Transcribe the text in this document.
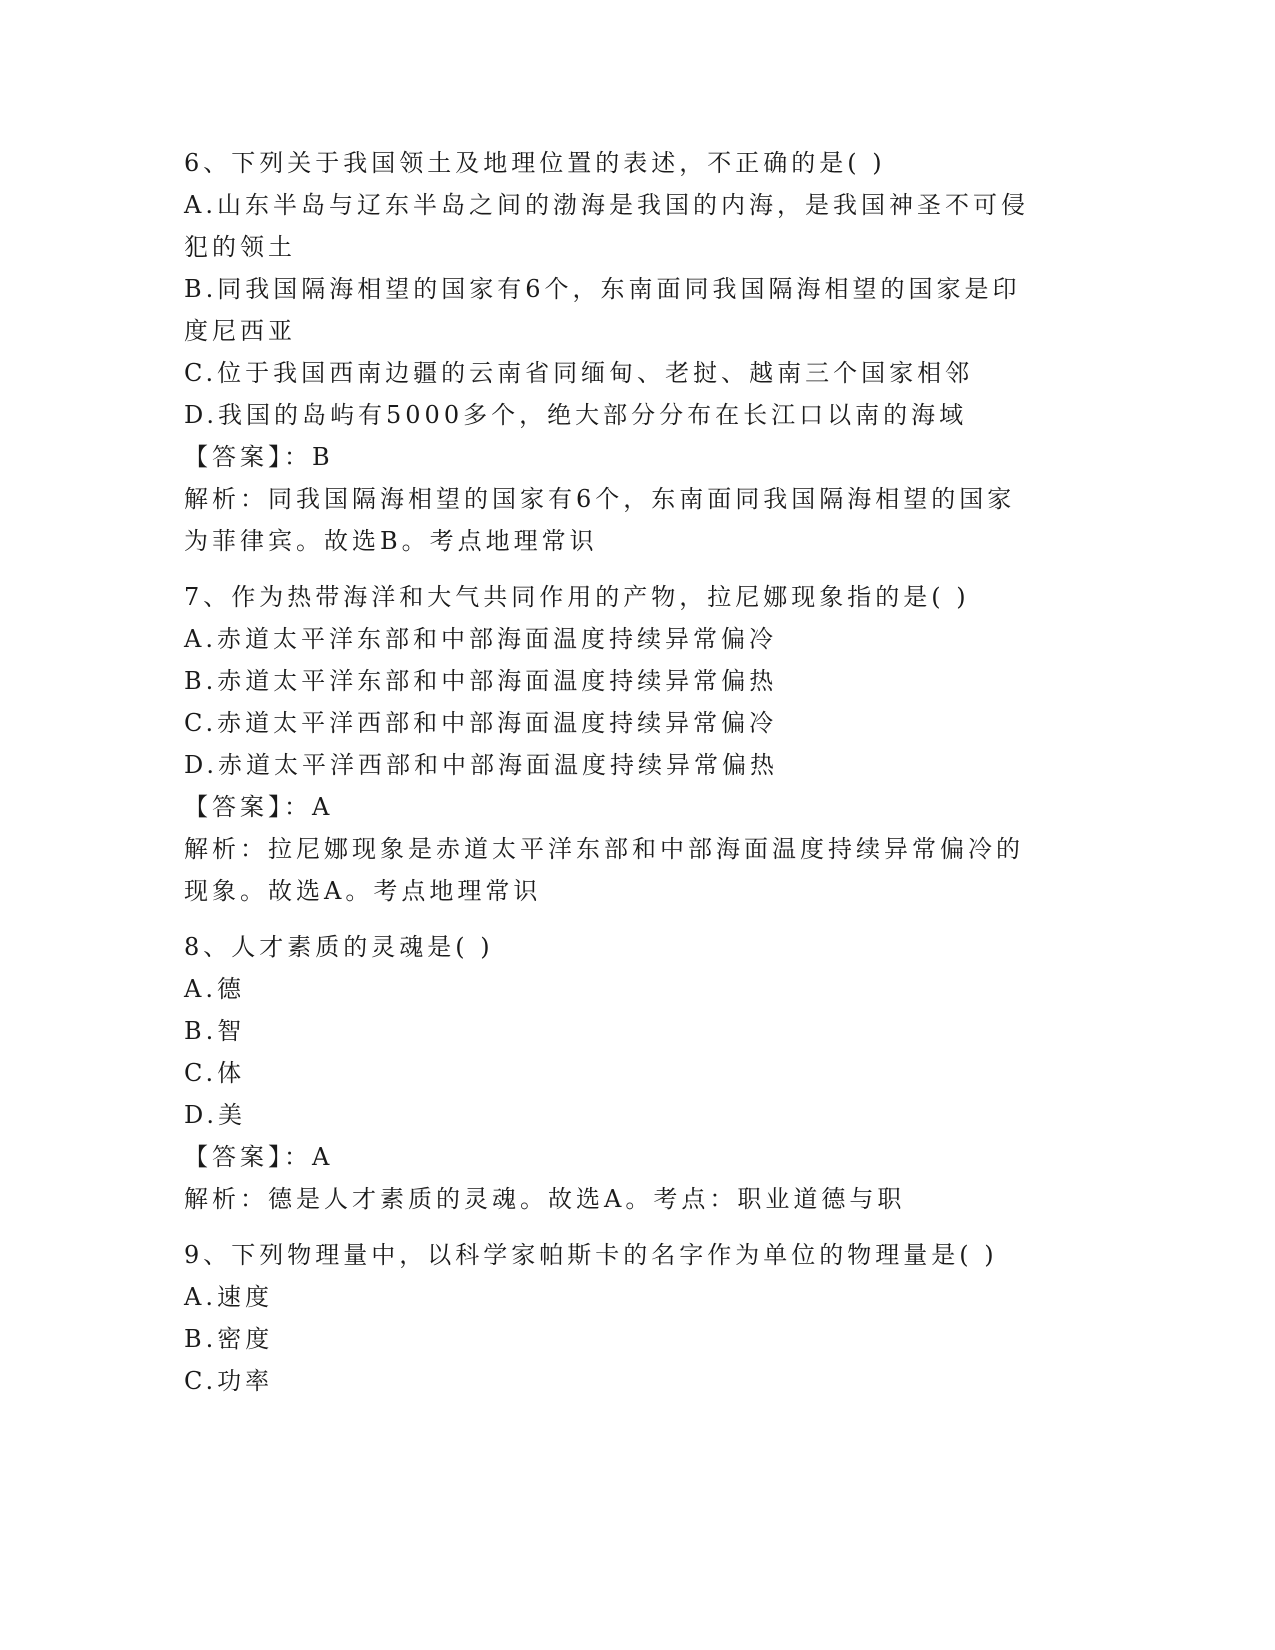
6、下列关于我国领土及地理位置的表述，不正确的是( )
A.山东半岛与辽东半岛之间的渤海是我国的内海，是我国神圣不可侵
犯的领土
B.同我国隔海相望的国家有6个，东南面同我国隔海相望的国家是印
度尼西亚
C.位于我国西南边疆的云南省同缅甸、老挝、越南三个国家相邻
D.我国的岛屿有5000多个，绝大部分分布在长江口以南的海域
【答案】：B
解析：同我国隔海相望的国家有6个，东南面同我国隔海相望的国家
为菲律宾。故选B。考点地理常识
7、作为热带海洋和大气共同作用的产物，拉尼娜现象指的是( )
A.赤道太平洋东部和中部海面温度持续异常偏冷
B.赤道太平洋东部和中部海面温度持续异常偏热
C.赤道太平洋西部和中部海面温度持续异常偏冷
D.赤道太平洋西部和中部海面温度持续异常偏热
【答案】：A
解析：拉尼娜现象是赤道太平洋东部和中部海面温度持续异常偏冷的
现象。故选A。考点地理常识
8、人才素质的灵魂是( )
A.德
B.智
C.体
D.美
【答案】：A
解析：德是人才素质的灵魂。故选A。考点：职业道德与职
9、下列物理量中，以科学家帕斯卡的名字作为单位的物理量是( )
A.速度
B.密度
C.功率
